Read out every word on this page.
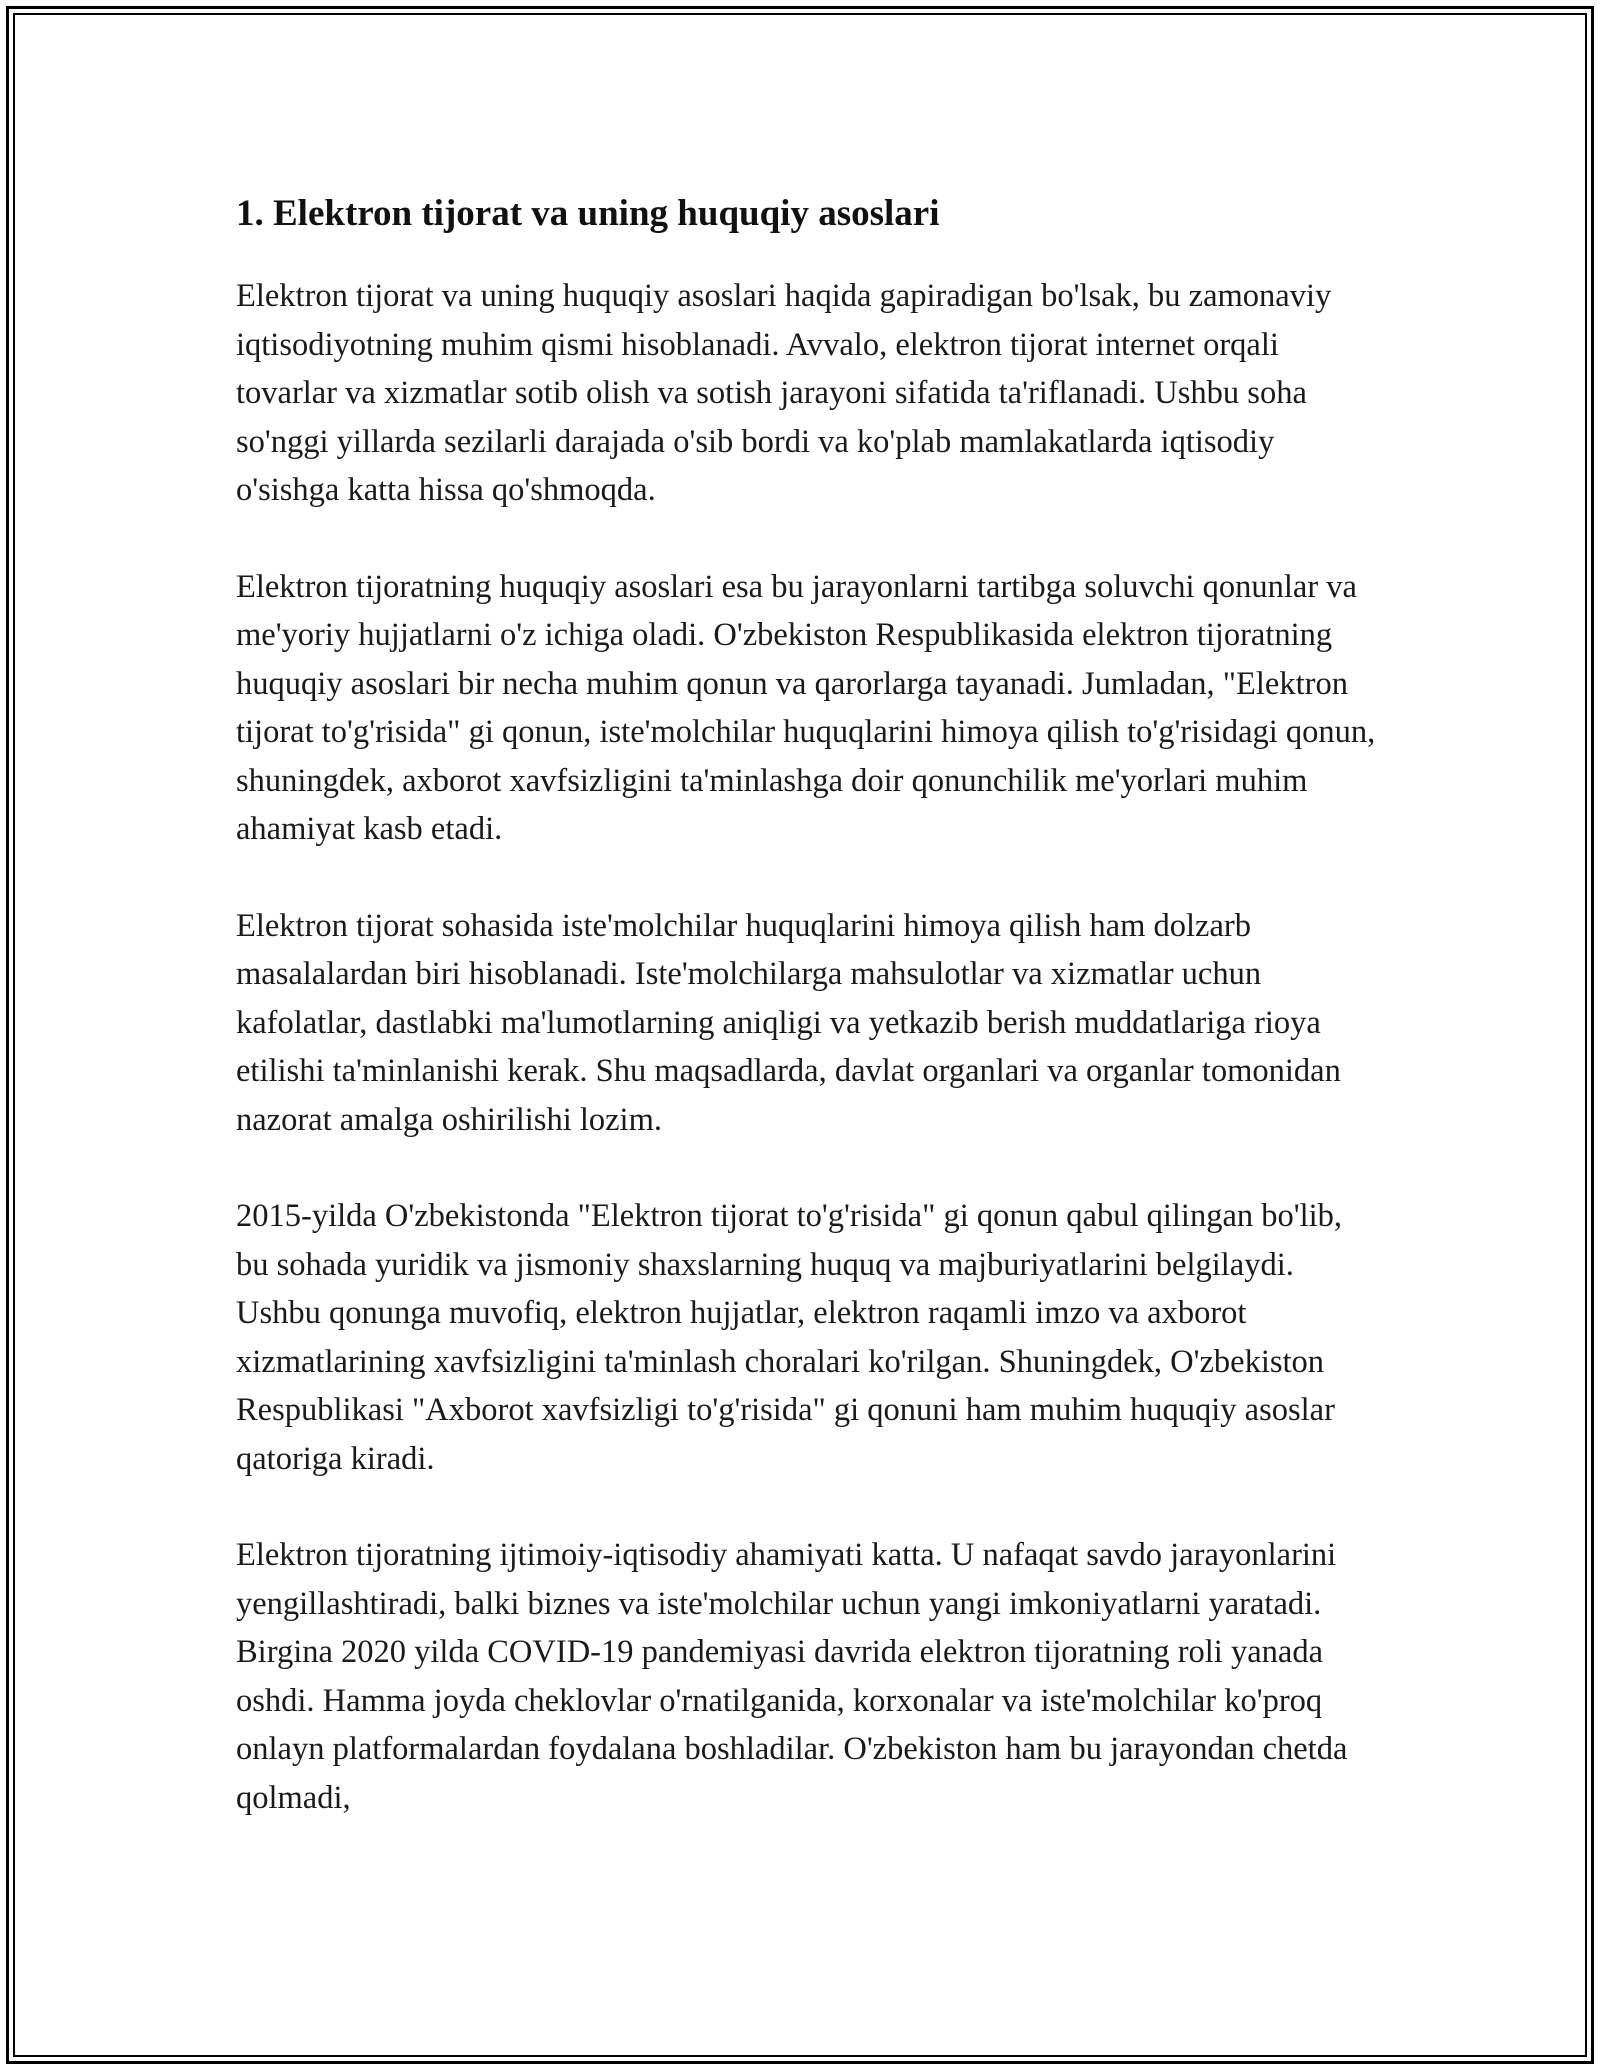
1. Elektron tijorat va uning huquqiy asoslari

Elektron tijorat va uning huquqiy asoslari haqida gapiradigan bo'lsak, bu zamonaviy iqtisodiyotning muhim qismi hisoblanadi. Avvalo, elektron tijorat internet orqali tovarlar va xizmatlar sotib olish va sotish jarayoni sifatida ta'riflanadi. Ushbu soha so'nggi yillarda sezilarli darajada o'sib bordi va ko'plab mamlakatlarda iqtisodiy o'sishga katta hissa qo'shmoqda.

Elektron tijoratning huquqiy asoslari esa bu jarayonlarni tartibga soluvchi qonunlar va me'yoriy hujjatlarni o'z ichiga oladi. O'zbekiston Respublikasida elektron tijoratning huquqiy asoslari bir necha muhim qonun va qarorlarga tayanadi. Jumladan, "Elektron tijorat to'g'risida" gi qonun, iste'molchilar huquqlarini himoya qilish to'g'risidagi qonun, shuningdek, axborot xavfsizligini ta'minlashga doir qonunchilik me'yorlari muhim ahamiyat kasb etadi.

Elektron tijorat sohasida iste'molchilar huquqlarini himoya qilish ham dolzarb masalalardan biri hisoblanadi. Iste'molchilarga mahsulotlar va xizmatlar uchun kafolatlar, dastlabki ma'lumotlarning aniqligi va yetkazib berish muddatlariga rioya etilishi ta'minlanishi kerak. Shu maqsadlarda, davlat organlari va organlar tomonidan nazorat amalga oshirilishi lozim.

2015-yilda O'zbekistonda "Elektron tijorat to'g'risida" gi qonun qabul qilingan bo'lib, bu sohada yuridik va jismoniy shaxslarning huquq va majburiyatlarini belgilaydi. Ushbu qonunga muvofiq, elektron hujjatlar, elektron raqamli imzo va axborot xizmatlarining xavfsizligini ta'minlash choralari ko'rilgan. Shuningdek, O'zbekiston Respublikasi "Axborot xavfsizligi to'g'risida" gi qonuni ham muhim huquqiy asoslar qatoriga kiradi.

Elektron tijoratning ijtimoiy-iqtisodiy ahamiyati katta. U nafaqat savdo jarayonlarini yengillashtiradi, balki biznes va iste'molchilar uchun yangi imkoniyatlarni yaratadi. Birgina 2020 yilda COVID-19 pandemiyasi davrida elektron tijoratning roli yanada oshdi. Hamma joyda cheklovlar o'rnatilganida, korxonalar va iste'molchilar ko'proq onlayn platformalardan foydalana boshladilar. O'zbekiston ham bu jarayondan chetda qolmadi,
